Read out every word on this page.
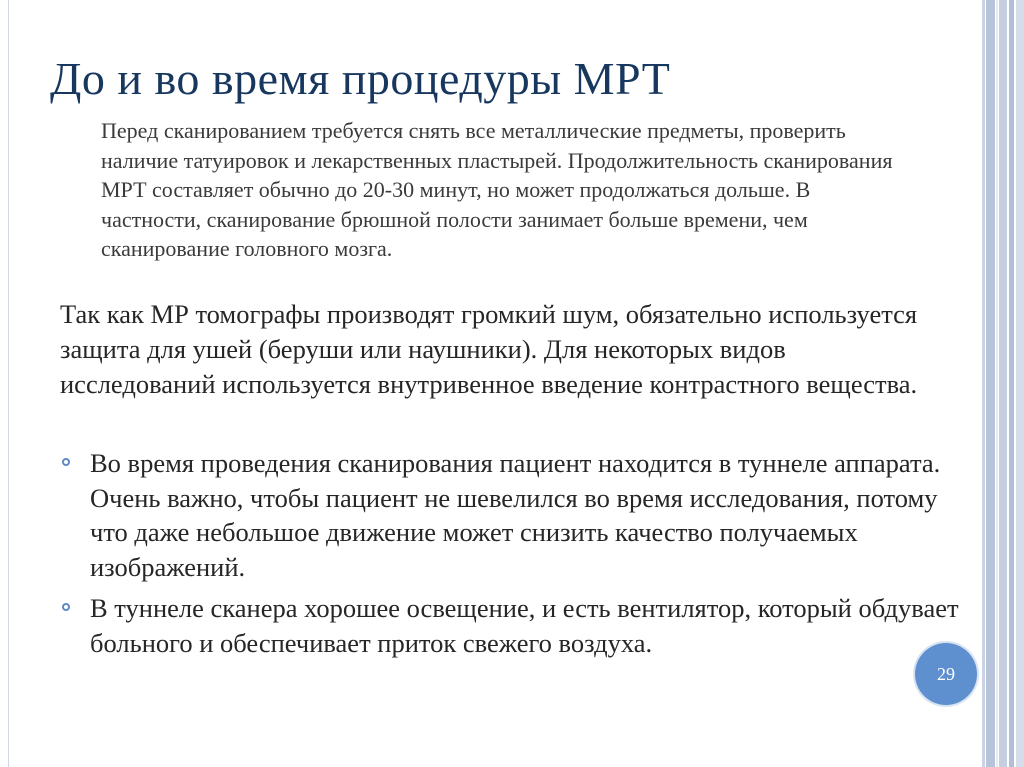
До и во время процедуры МРТ
Перед сканированием требуется снять все металлические предметы, проверить наличие татуировок и лекарственных пластырей. Продолжительность сканирования МРТ составляет обычно до 20-30 минут, но может продолжаться дольше. В частности, сканирование брюшной полости занимает больше времени, чем сканирование головного мозга.
Так как МР томографы производят громкий шум, обязательно используется защита для ушей (беруши или наушники). Для некоторых видов исследований используется внутривенное введение контрастного вещества.
Во время проведения сканирования пациент находится в туннеле аппарата. Очень важно, чтобы пациент не шевелился во время исследования, потому что даже небольшое движение может снизить качество получаемых изображений.
В туннеле сканера хорошее освещение, и есть вентилятор, который обдувает больного и обеспечивает приток свежего воздуха.
29
